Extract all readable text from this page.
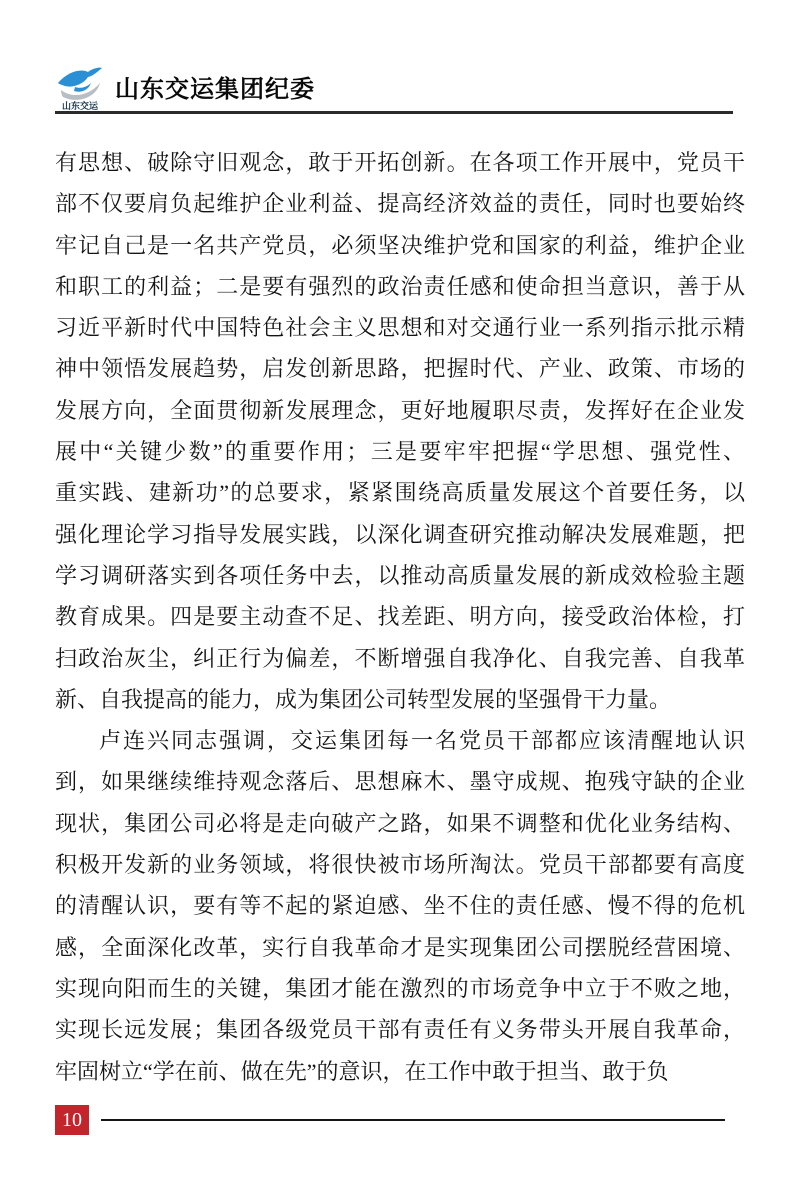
山东交运
山东交运集团纪委
有思想、破除守旧观念，敢于开拓创新。在各项工作开展中，党员干
部不仅要肩负起维护企业利益、提高经济效益的责任，同时也要始终
牢记自己是一名共产党员，必须坚决维护党和国家的利益，维护企业
和职工的利益；二是要有强烈的政治责任感和使命担当意识，善于从
习近平新时代中国特色社会主义思想和对交通行业一系列指示批示精
神中领悟发展趋势，启发创新思路，把握时代、产业、政策、市场的
发展方向，全面贯彻新发展理念，更好地履职尽责，发挥好在企业发
展中“关键少数”的重要作用；三是要牢牢把握“学思想、强党性、
重实践、建新功”的总要求，紧紧围绕高质量发展这个首要任务，以
强化理论学习指导发展实践，以深化调查研究推动解决发展难题，把
学习调研落实到各项任务中去，以推动高质量发展的新成效检验主题
教育成果。四是要主动查不足、找差距、明方向，接受政治体检，打
扫政治灰尘，纠正行为偏差，不断增强自我净化、自我完善、自我革
新、自我提高的能力，成为集团公司转型发展的坚强骨干力量。
卢连兴同志强调，交运集团每一名党员干部都应该清醒地认识
到，如果继续维持观念落后、思想麻木、墨守成规、抱残守缺的企业
现状，集团公司必将是走向破产之路，如果不调整和优化业务结构、
积极开发新的业务领域，将很快被市场所淘汰。党员干部都要有高度
的清醒认识，要有等不起的紧迫感、坐不住的责任感、慢不得的危机
感，全面深化改革，实行自我革命才是实现集团公司摆脱经营困境、
实现向阳而生的关键，集团才能在激烈的市场竞争中立于不败之地，
实现长远发展；集团各级党员干部有责任有义务带头开展自我革命，
牢固树立“学在前、做在先”的意识，在工作中敢于担当、敢于负
10
